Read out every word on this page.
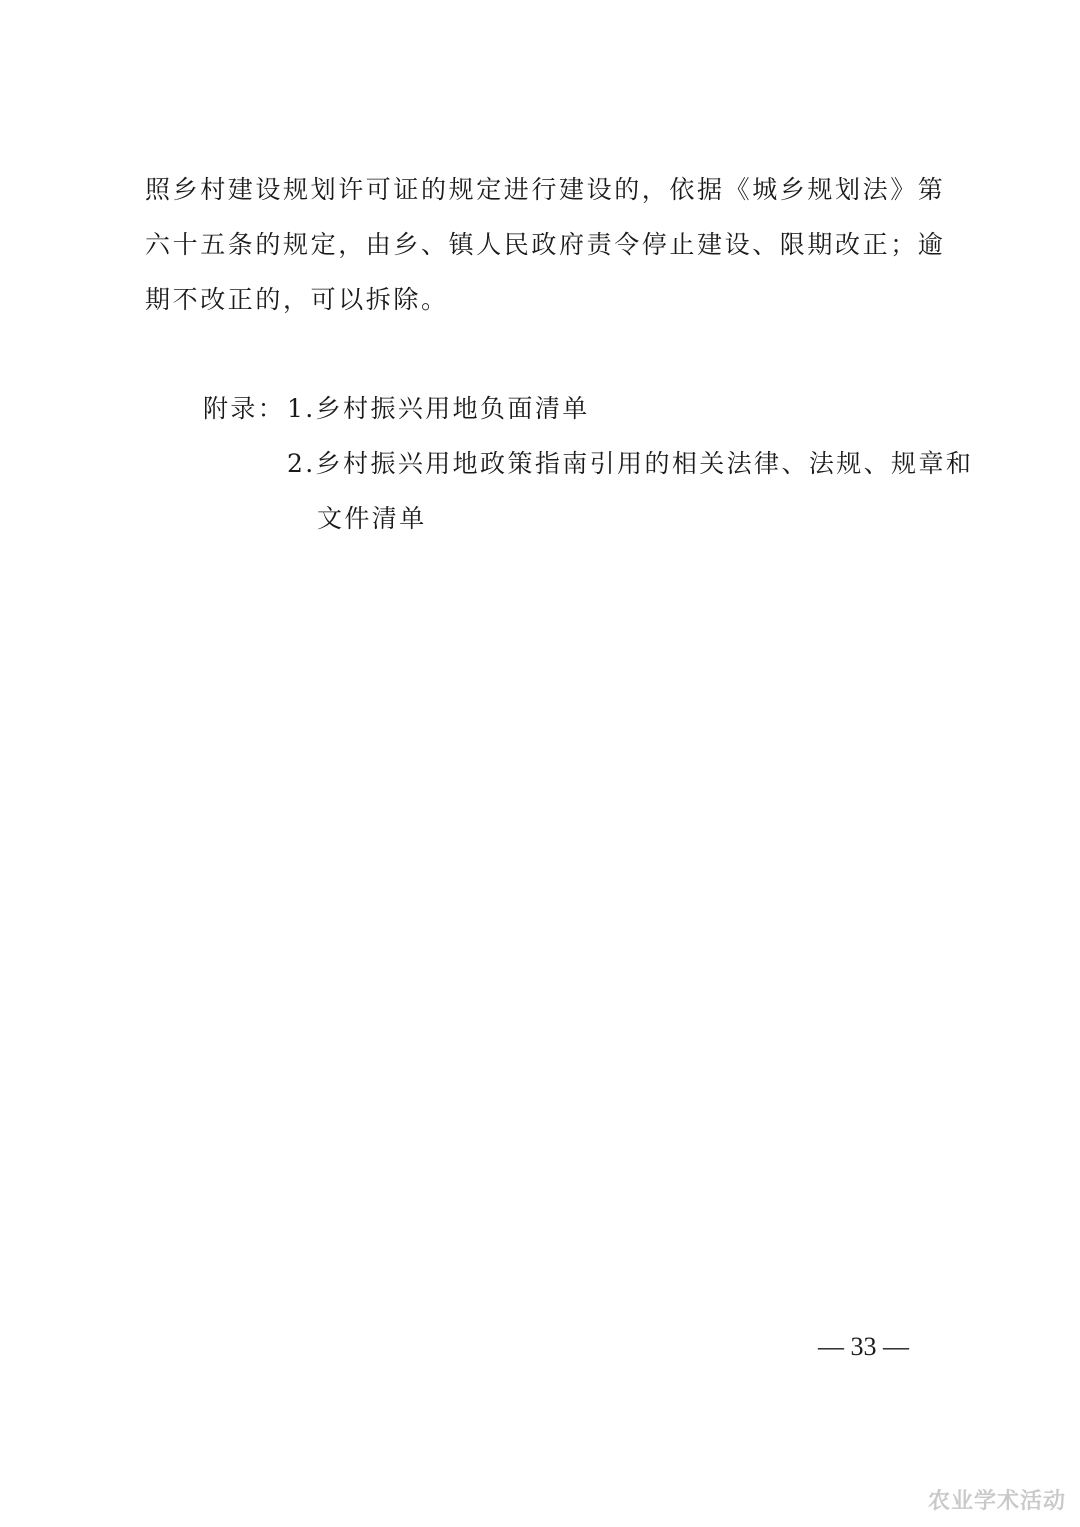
照乡村建设规划许可证的规定进行建设的，依据《城乡规划法》第
六十五条的规定，由乡、镇人民政府责令停止建设、限期改正；逾
期不改正的，可以拆除。
附录： 1.乡村振兴用地负面清单
2.乡村振兴用地政策指南引用的相关法律、法规、规章和
文件清单
— 33 —
农业学术活动
